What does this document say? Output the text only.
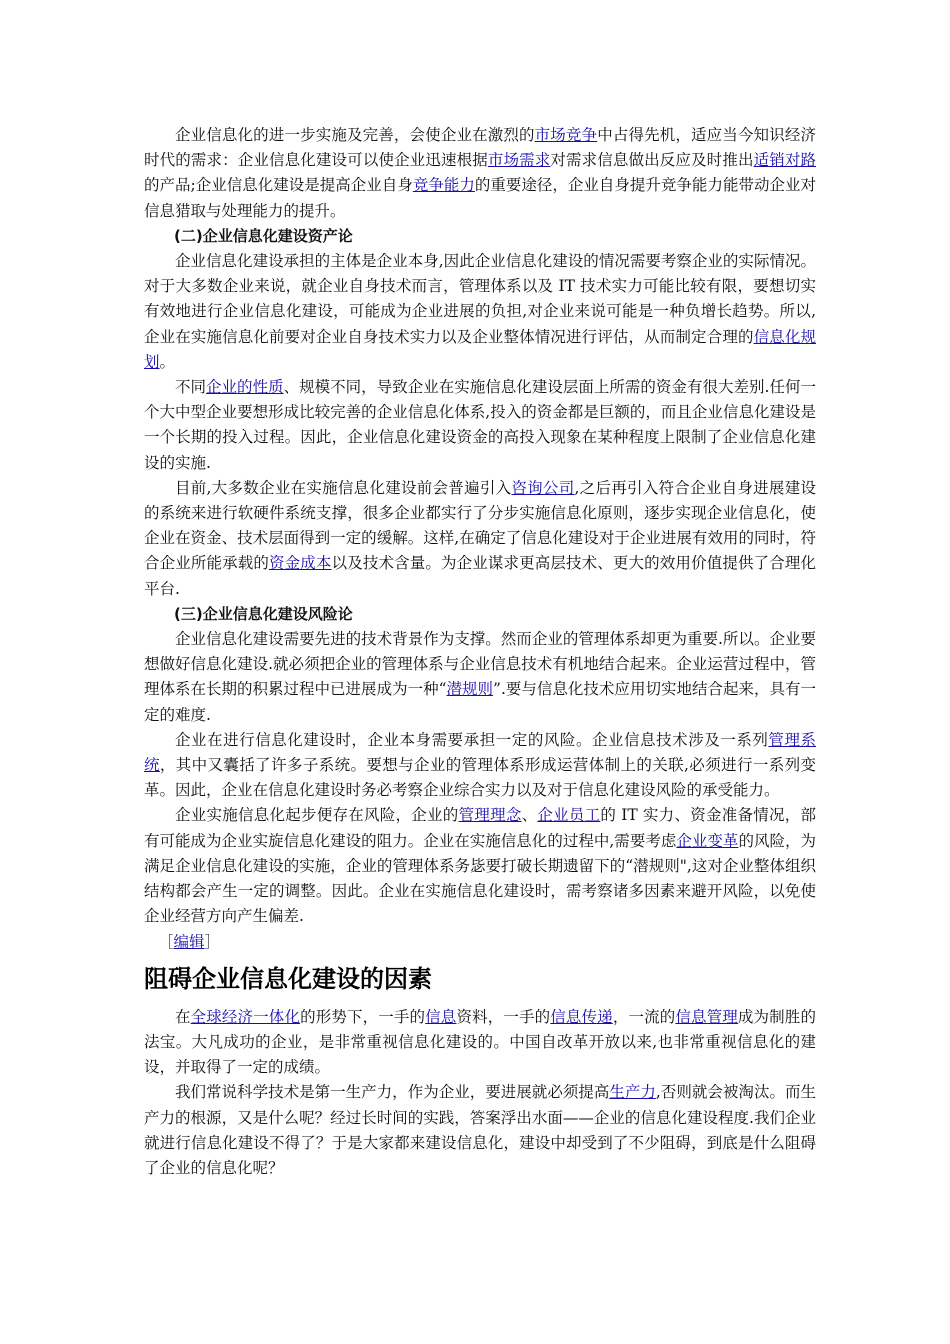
企业信息化的进一步实施及完善，会使企业在激烈的市场竞争中占得先机，适应当今知识经济时代的需求：企业信息化建设可以使企业迅速根据市场需求对需求信息做出反应及时推出适销对路的产品;企业信息化建设是提高企业自身竞争能力的重要途径，企业自身提升竞争能力能带动企业对信息猎取与处理能力的提升。

(二)企业信息化建设资产论

企业信息化建设承担的主体是企业本身,因此企业信息化建设的情况需要考察企业的实际情况。对于大多数企业来说，就企业自身技术而言，管理体系以及 IT 技术实力可能比较有限，要想切实有效地进行企业信息化建设，可能成为企业进展的负担,对企业来说可能是一种负增长趋势。所以,企业在实施信息化前要对企业自身技术实力以及企业整体情况进行评估，从而制定合理的信息化规划。

不同企业的性质、规模不同，导致企业在实施信息化建设层面上所需的资金有很大差别.任何一个大中型企业要想形成比较完善的企业信息化体系,投入的资金都是巨额的，而且企业信息化建设是一个长期的投入过程。因此，企业信息化建设资金的高投入现象在某种程度上限制了企业信息化建设的实施.

目前,大多数企业在实施信息化建设前会普遍引入咨询公司,之后再引入符合企业自身进展建设的系统来进行软硬件系统支撑，很多企业都实行了分步实施信息化原则，逐步实现企业信息化，使企业在资金、技术层面得到一定的缓解。这样,在确定了信息化建设对于企业进展有效用的同时，符合企业所能承载的资金成本以及技术含量。为企业谋求更高层技术、更大的效用价值提供了合理化平台.

(三)企业信息化建设风险论

企业信息化建设需要先进的技术背景作为支撑。然而企业的管理体系却更为重要.所以。企业要想做好信息化建设.就必须把企业的管理体系与企业信息技术有机地结合起来。企业运营过程中，管理体系在长期的积累过程中已进展成为一种“潜规则”.要与信息化技术应用切实地结合起来，具有一定的难度.

企业在进行信息化建设时，企业本身需要承担一定的风险。企业信息技术涉及一系列管理系统，其中又囊括了许多子系统。要想与企业的管理体系形成运营体制上的关联,必须进行一系列变革。因此，企业在信息化建设时务必考察企业综合实力以及对于信息化建设风险的承受能力。

企业实施信息化起步便存在风险，企业的管理理念、企业员工的 IT 实力、资金准备情况，部有可能成为企业实旋信息化建设的阻力。企业在实施信息化的过程中,需要考虑企业变革的风险，为满足企业信息化建设的实施，企业的管理体系务毖要打破长期遗留下的“潜规则",这对企业整体组织结构都会产生一定的调整。因此。企业在实施信息化建设时，需考察诸多因素来避开风险，以免使企业经营方向产生偏差.

［编辑］

阻碍企业信息化建设的因素

在全球经济一体化的形势下，一手的信息资料，一手的信息传递，一流的信息管理成为制胜的法宝。大凡成功的企业，是非常重视信息化建设的。中国自改革开放以来,也非常重视信息化的建设，并取得了一定的成绩。

我们常说科学技术是第一生产力，作为企业，要进展就必须提高生产力,否则就会被淘汰。而生产力的根源，又是什么呢？经过长时间的实践，答案浮出水面——企业的信息化建设程度.我们企业就进行信息化建设不得了？于是大家都来建设信息化，建设中却受到了不少阻碍，到底是什么阻碍了企业的信息化呢？
